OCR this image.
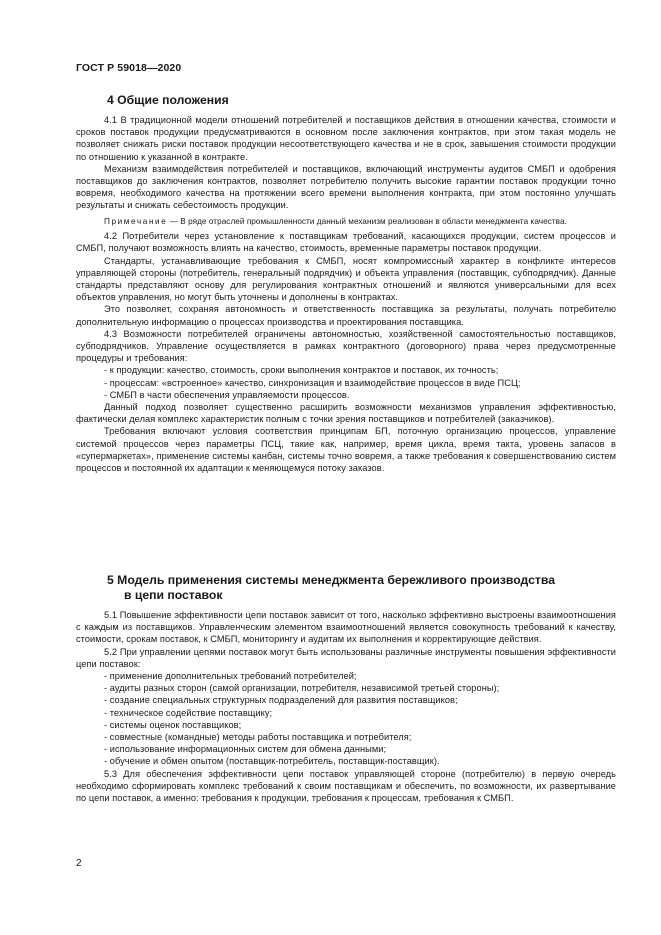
ГОСТ Р 59018—2020
4 Общие положения

4.1 В традиционной модели отношений потребителей и поставщиков действия в отношении качества, стоимости и сроков поставок продукции предусматриваются в основном после заключения контрактов, при этом такая модель не позволяет снижать риски поставок продукции несоответствующего качества и не в срок, завышения стоимости продукции по отношению к указанной в контракте.

Механизм взаимодействия потребителей и поставщиков, включающий инструменты аудитов СМБП и одобрения поставщиков до заключения контрактов, позволяет потребителю получить высокие гарантии поставок продукции точно вовремя, необходимого качества на протяжении всего времени выполнения контракта, при этом постоянно улучшать результаты и снижать себестоимость продукции.

Примечание — В ряде отраслей промышленности данный механизм реализован в области менеджмента качества.

4.2 Потребители через установление к поставщикам требований, касающихся продукции, систем процессов и СМБП, получают возможность влиять на качество, стоимость, временные параметры поставок продукции.

Стандарты, устанавливающие требования к СМБП, носят компромиссный характер в конфликте интересов управляющей стороны (потребитель, генеральный подрядчик) и объекта управления (поставщик, субподрядчик). Данные стандарты представляют основу для регулирования контрактных отношений и являются универсальными для всех объектов управления, но могут быть уточнены и дополнены в контрактах.

Это позволяет, сохраняя автономность и ответственность поставщика за результаты, получать потребителю дополнительную информацию о процессах производства и проектирования поставщика.

4.3 Возможности потребителей ограничены автономностью, хозяйственной самостоятельностью поставщиков, субподрядчиков. Управление осуществляется в рамках контрактного (договорного) права через предусмотренные процедуры и требования:

- к продукции: качество, стоимость, сроки выполнения контрактов и поставок, их точность;

- процессам: «встроенное» качество, синхронизация и взаимодействие процессов в виде ПСЦ;

- СМБП в части обеспечения управляемости процессов.

Данный подход позволяет существенно расширить возможности механизмов управления эффективностью, фактически делая комплекс характеристик полным с точки зрения поставщиков и потребителей (заказчиков).

Требования включают условия соответствия принципам БП, поточную организацию процессов, управление системой процессов через параметры ПСЦ, такие как, например, время цикла, время такта, уровень запасов в «супермаркетах», применение системы канбан, системы точно вовремя, а также требования к совершенствованию систем процессов и постоянной их адаптации к меняющемуся потоку заказов.

5 Модель применения системы менеджмента бережливого производства
в цепи поставок

5.1 Повышение эффективности цепи поставок зависит от того, насколько эффективно выстроены взаимоотношения с каждым из поставщиков. Управленческим элементом взаимоотношений является совокупность требований к качеству, стоимости, срокам поставок, к СМБП, мониторингу и аудитам их выполнения и корректирующие действия.

5.2 При управлении цепями поставок могут быть использованы различные инструменты повышения эффективности цепи поставок:

- применение дополнительных требований потребителей;

- аудиты разных сторон (самой организации, потребителя, независимой третьей стороны);

- создание специальных структурных подразделений для развития поставщиков;

- техническое содействие поставщику;

- системы оценок поставщиков;

- совместные (командные) методы работы поставщика и потребителя;

- использование информационных систем для обмена данными;

- обучение и обмен опытом (поставщик-потребитель, поставщик-поставщик).

5.3 Для обеспечения эффективности цепи поставок управляющей стороне (потребителю) в первую очередь необходимо сформировать комплекс требований к своим поставщикам и обеспечить, по возможности, их развертывание по цепи поставок, а именно: требования к продукции, требования к процессам, требования к СМБП.

2
